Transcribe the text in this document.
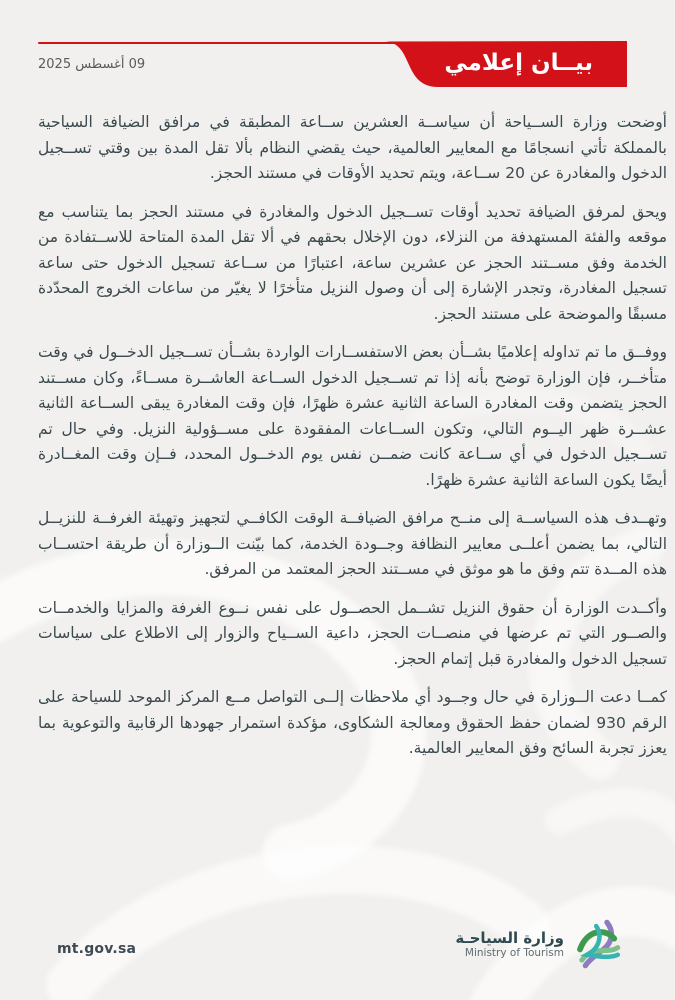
بيــان إعلامي
09 أغسطس 2025

أوضحت وزارة الســياحة أن سياســة العشرين ســاعة المطبقة في مرافق الضيافة السياحية بالمملكة تأتي انسجامًا مع المعايير العالمية، حيث يقضي النظام بألا تقل المدة بين وقتي تســجيل الدخول والمغادرة عن 20 ســاعة، ويتم تحديد الأوقات في مستند الحجز.

ويحق لمرفق الضيافة تحديد أوقات تســجيل الدخول والمغادرة في مستند الحجز بما يتناسب مع موقعه والفئة المستهدفة من النزلاء، دون الإخلال بحقهم في ألا تقل المدة المتاحة للاســتفادة من الخدمة وفق مســتند الحجز عن عشرين ساعة، اعتبارًا من ســاعة تسجيل الدخول حتى ساعة تسجيل المغادرة، وتجدر الإشارة إلى أن وصول النزيل متأخرًا لا يغيّر من ساعات الخروج المحدّدة مسبقًا والموضحة على مستند الحجز.

ووفــق ما تم تداوله إعلاميًا بشــأن بعض الاستفســارات الواردة بشــأن تســجيل الدخــول في وقت متأخــر، فإن الوزارة توضح بأنه إذا تم تســجيل الدخول الســاعة العاشــرة مســاءً، وكان مســتند الحجز يتضمن وقت المغادرة الساعة الثانية عشرة ظهرًا، فإن وقت المغادرة يبقى الســاعة الثانية عشــرة ظهر اليــوم التالي، وتكون الســاعات المفقودة على مســؤولية النزيل. وفي حال تم تســجيل الدخول في أي ســاعة كانت ضمــن نفس يوم الدخــول المحدد، فــإن وقت المغــادرة أيضًا يكون الساعة الثانية عشرة ظهرًا.

وتهــدف هذه السياســة إلى منــح مرافق الضيافــة الوقت الكافــي لتجهيز وتهيئة الغرفــة للنزيــل التالي، بما يضمن أعلــى معايير النظافة وجــودة الخدمة، كما بيّنت الــوزارة أن طريقة احتســاب هذه المــدة تتم وفق ما هو موثق في مســتند الحجز المعتمد من المرفق.

وأكــدت الوزارة أن حقوق النزيل تشــمل الحصــول على نفس نــوع الغرفة والمزايا والخدمــات والصــور التي تم عرضها في منصــات الحجز، داعية الســياح والزوار إلى الاطلاع على سياسات تسجيل الدخول والمغادرة قبل إتمام الحجز.

كمــا دعت الــوزارة في حال وجــود أي ملاحظات إلــى التواصل مــع المركز الموحد للسياحة على الرقم 930 لضمان حفظ الحقوق ومعالجة الشكاوى، مؤكدة استمرار جهودها الرقابية والتوعوية بما يعزز تجربة السائح وفق المعايير العالمية.

mt.gov.sa
وزارة السياحـة
Ministry of Tourism
